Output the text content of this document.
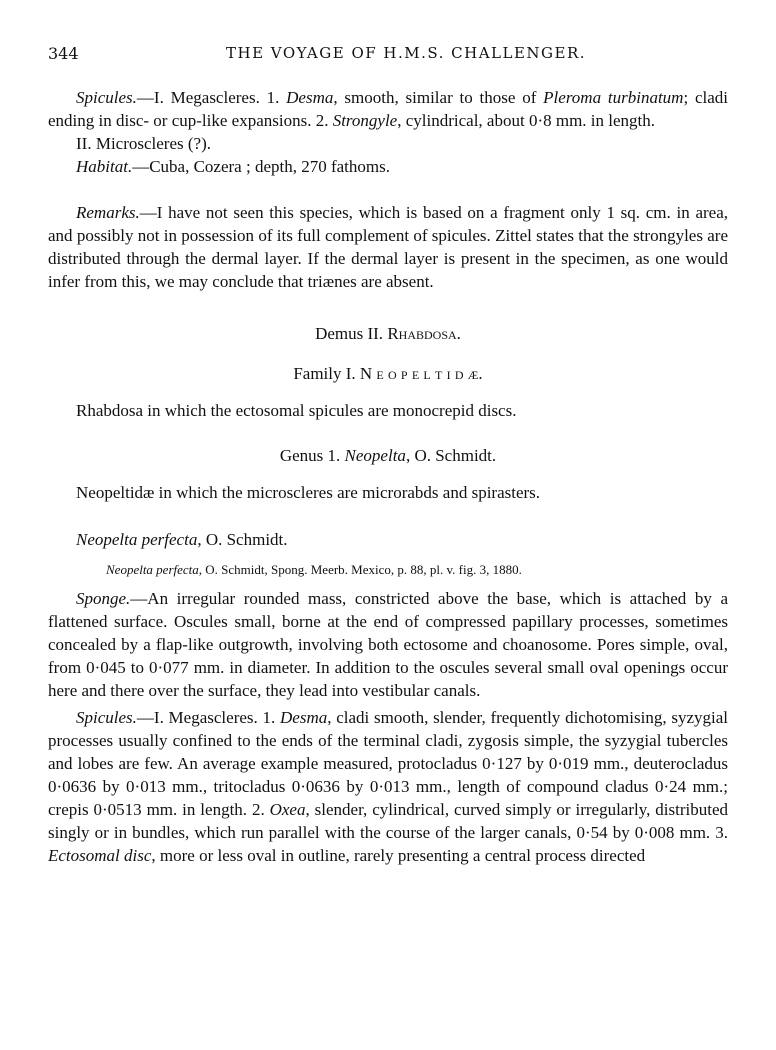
344	THE VOYAGE OF H.M.S. CHALLENGER.

Spicules.—I. Megascleres. 1. Desma, smooth, similar to those of Pleroma turbinatum; cladi ending in disc- or cup-like expansions. 2. Strongyle, cylindrical, about 0·8 mm. in length.

II. Microscleres (?).

Habitat.—Cuba, Cozera ; depth, 270 fathoms.

Remarks.—I have not seen this species, which is based on a fragment only 1 sq. cm. in area, and possibly not in possession of its full complement of spicules. Zittel states that the strongyles are distributed through the dermal layer. If the dermal layer is present in the specimen, as one would infer from this, we may conclude that triænes are absent.

Demus II. Rhabdosa.

Family I. N e o p e l t i d æ.

Rhabdosa in which the ectosomal spicules are monocrepid discs.

Genus 1. Neopelta, O. Schmidt.

Neopeltidæ in which the microscleres are microrabds and spirasters.

Neopelta perfecta, O. Schmidt.

Neopelta perfecta, O. Schmidt, Spong. Meerb. Mexico, p. 88, pl. v. fig. 3, 1880.

Sponge.—An irregular rounded mass, constricted above the base, which is attached by a flattened surface. Oscules small, borne at the end of compressed papillary processes, sometimes concealed by a flap-like outgrowth, involving both ectosome and choanosome. Pores simple, oval, from 0·045 to 0·077 mm. in diameter. In addition to the oscules several small oval openings occur here and there over the surface, they lead into vestibular canals.

Spicules.—I. Megascleres. 1. Desma, cladi smooth, slender, frequently dichotomising, syzygial processes usually confined to the ends of the terminal cladi, zygosis simple, the syzygial tubercles and lobes are few. An average example measured, protocladus 0·127 by 0·019 mm., deuterocladus 0·0636 by 0·013 mm., tritocladus 0·0636 by 0·013 mm., length of compound cladus 0·24 mm.; crepis 0·0513 mm. in length. 2. Oxea, slender, cylindrical, curved simply or irregularly, distributed singly or in bundles, which run parallel with the course of the larger canals, 0·54 by 0·008 mm. 3. Ectosomal disc, more or less oval in outline, rarely presenting a central process directed
